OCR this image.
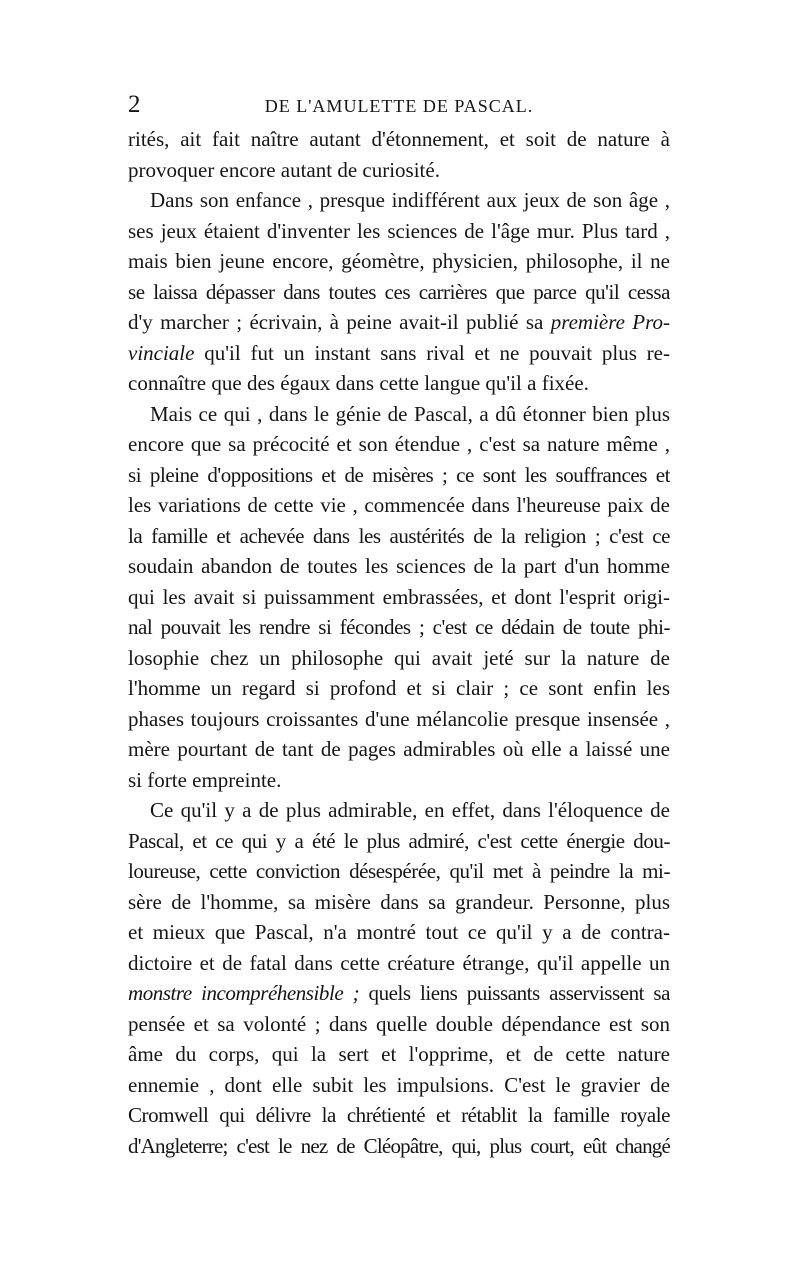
2	DE L'AMULETTE DE PASCAL.
rités, ait fait naître autant d'étonnement, et soit de nature à
provoquer encore autant de curiosité.
Dans son enfance , presque indifférent aux jeux de son âge ,
ses jeux étaient d'inventer les sciences de l'âge mur. Plus tard ,
mais bien jeune encore, géomètre, physicien, philosophe, il ne
se laissa dépasser dans toutes ces carrières que parce qu'il cessa
d'y marcher ; écrivain, à peine avait-il publié sa première Pro-
vinciale qu'il fut un instant sans rival et ne pouvait plus re-
connaître que des égaux dans cette langue qu'il a fixée.
Mais ce qui , dans le génie de Pascal, a dû étonner bien plus
encore que sa précocité et son étendue , c'est sa nature même ,
si pleine d'oppositions et de misères ; ce sont les souffrances et
les variations de cette vie , commencée dans l'heureuse paix de
la famille et achevée dans les austérités de la religion ; c'est ce
soudain abandon de toutes les sciences de la part d'un homme
qui les avait si puissamment embrassées, et dont l'esprit origi-
nal pouvait les rendre si fécondes ; c'est ce dédain de toute phi-
losophie chez un philosophe qui avait jeté sur la nature de
l'homme un regard si profond et si clair ; ce sont enfin les
phases toujours croissantes d'une mélancolie presque insensée ,
mère pourtant de tant de pages admirables où elle a laissé une
si forte empreinte.
Ce qu'il y a de plus admirable, en effet, dans l'éloquence de
Pascal, et ce qui y a été le plus admiré, c'est cette énergie dou-
loureuse, cette conviction désespérée, qu'il met à peindre la mi-
sère de l'homme, sa misère dans sa grandeur. Personne, plus
et mieux que Pascal, n'a montré tout ce qu'il y a de contra-
dictoire et de fatal dans cette créature étrange, qu'il appelle un
monstre incompréhensible ; quels liens puissants asservissent sa
pensée et sa volonté ; dans quelle double dépendance est son
âme du corps, qui la sert et l'opprime, et de cette nature
ennemie , dont elle subit les impulsions. C'est le gravier de
Cromwell qui délivre la chrétienté et rétablit la famille royale
d'Angleterre; c'est le nez de Cléopâtre, qui, plus court, eût changé
